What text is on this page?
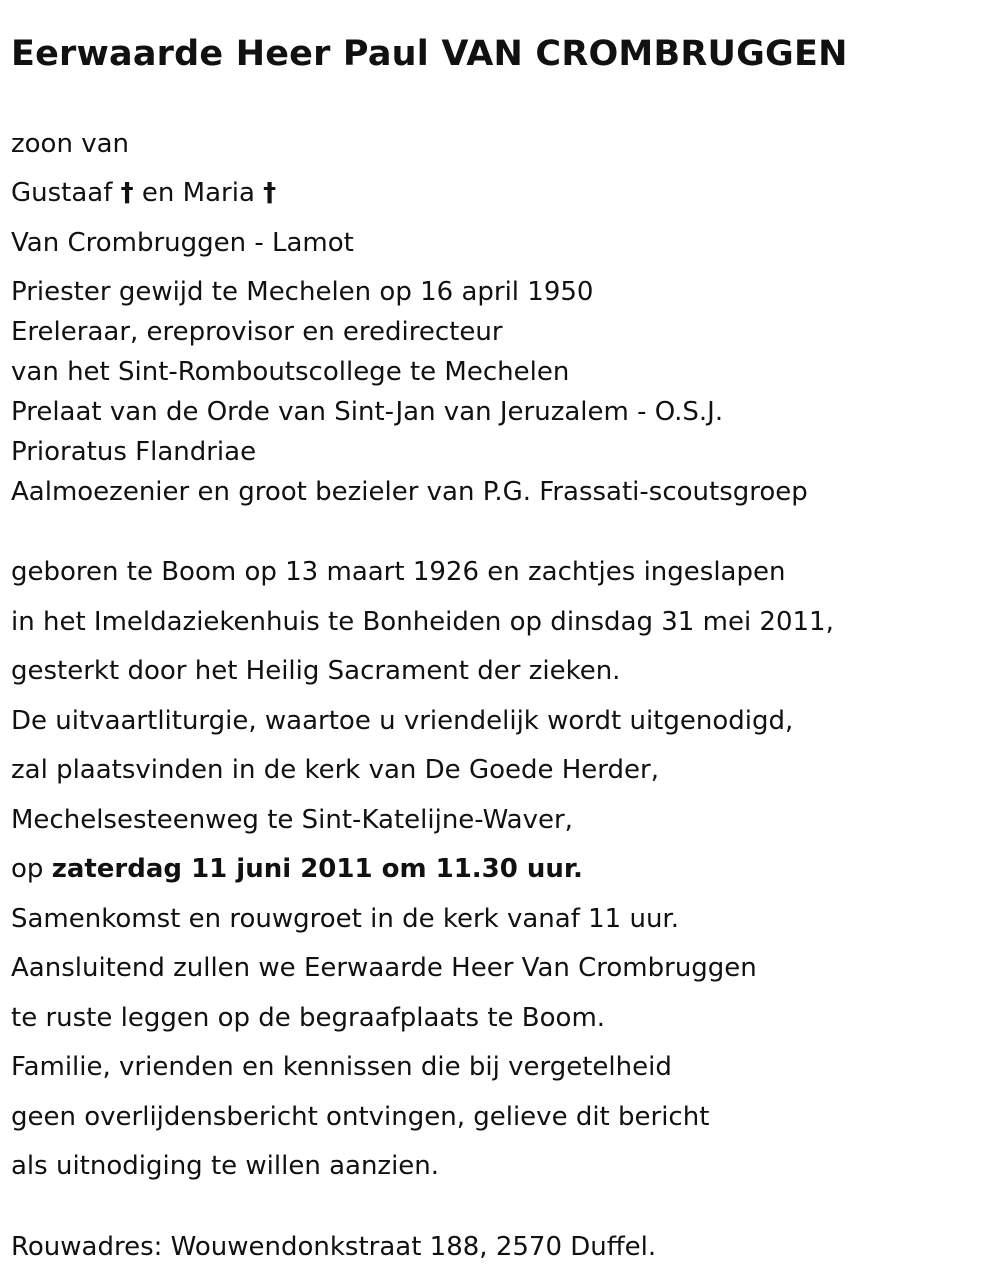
Eerwaarde Heer Paul VAN CROMBRUGGEN
zoon van
Gustaaf † en Maria †
Van Crombruggen - Lamot
Priester gewijd te Mechelen op 16 april 1950
Ereleraar, ereprovisor en eredirecteur
van het Sint-Romboutscollege te Mechelen
Prelaat van de Orde van Sint-Jan van Jeruzalem - O.S.J.
Prioratus Flandriae
Aalmoezenier en groot bezieler van P.G. Frassati-scoutsgroep
geboren te Boom op 13 maart 1926 en zachtjes ingeslapen
in het Imeldaziekenhuis te Bonheiden op dinsdag 31 mei 2011,
gesterkt door het Heilig Sacrament der zieken.
De uitvaartliturgie, waartoe u vriendelijk wordt uitgenodigd,
zal plaatsvinden in de kerk van De Goede Herder,
Mechelsesteenweg te Sint-Katelijne-Waver,
op zaterdag 11 juni 2011 om 11.30 uur.
Samenkomst en rouwgroet in de kerk vanaf 11 uur.
Aansluitend zullen we Eerwaarde Heer Van Crombruggen
te ruste leggen op de begraafplaats te Boom.
Familie, vrienden en kennissen die bij vergetelheid
geen overlijdensbericht ontvingen, gelieve dit bericht
als uitnodiging te willen aanzien.
Rouwadres: Wouwendonkstraat 188, 2570 Duffel.
